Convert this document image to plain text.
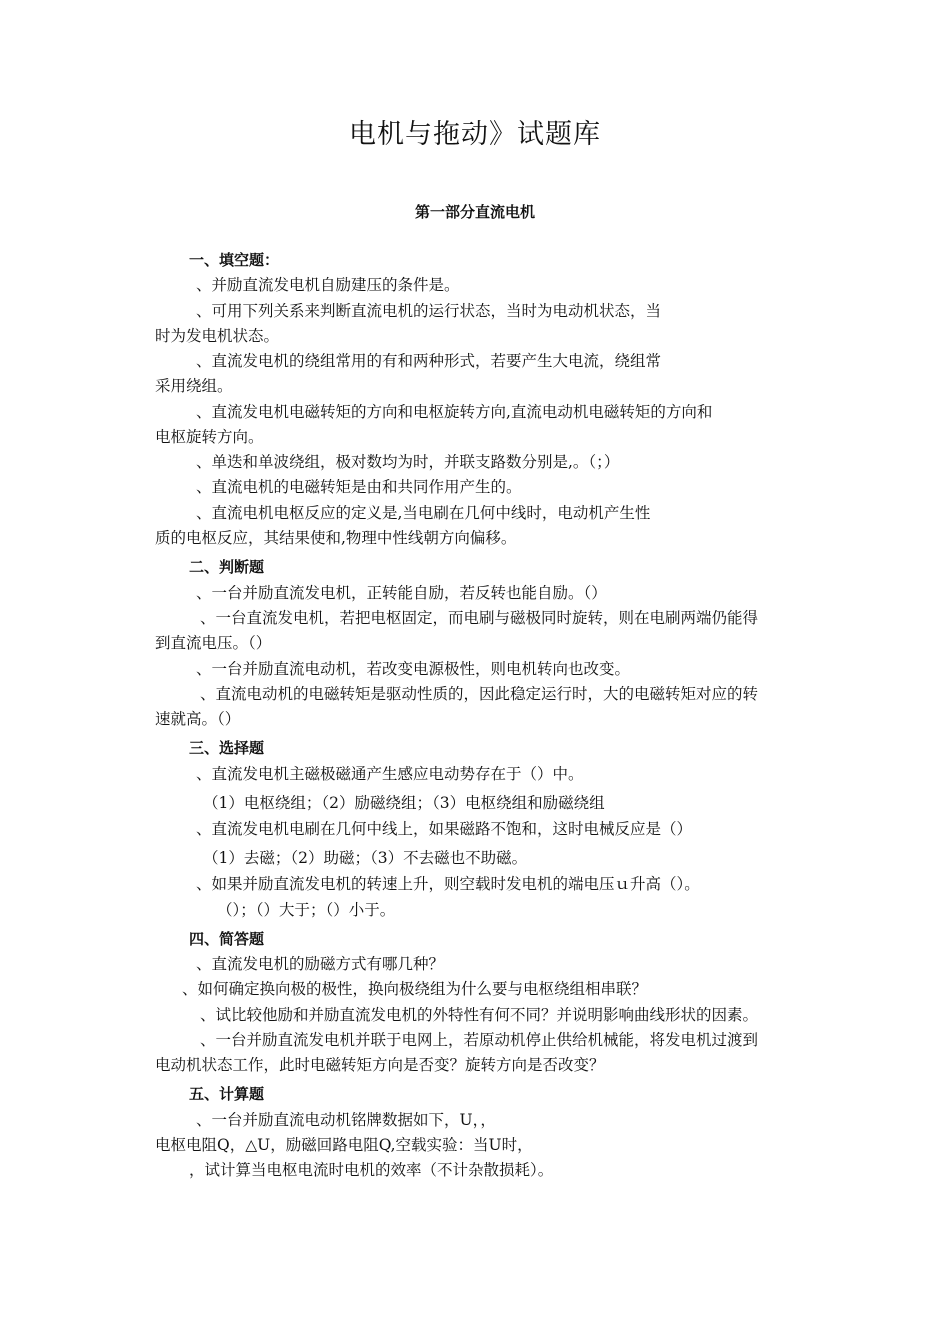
电机与拖动》试题库
第一部分直流电机
一、填空题：
、并励直流发电机自励建压的条件是。
、可用下列关系来判断直流电机的运行状态，当时为电动机状态，当
时为发电机状态。
、直流发电机的绕组常用的有和两种形式，若要产生大电流，绕组常
采用绕组。
、直流发电机电磁转矩的方向和电枢旋转方向,直流电动机电磁转矩的方向和
电枢旋转方向。
、单迭和单波绕组，极对数均为时，并联支路数分别是,。（；）
、直流电机的电磁转矩是由和共同作用产生的。
、直流电机电枢反应的定义是,当电刷在几何中线时，电动机产生性
质的电枢反应，其结果使和,物理中性线朝方向偏移。
二、判断题
、一台并励直流发电机，正转能自励，若反转也能自励。（）
、一台直流发电机，若把电枢固定，而电刷与磁极同时旋转，则在电刷两端仍能得
到直流电压。（）
、一台并励直流电动机，若改变电源极性，则电机转向也改变。
、直流电动机的电磁转矩是驱动性质的，因此稳定运行时，大的电磁转矩对应的转
速就高。（）
三、选择题
、直流发电机主磁极磁通产生感应电动势存在于（）中。
（1）电枢绕组；（2）励磁绕组；（3）电枢绕组和励磁绕组
、直流发电机电刷在几何中线上，如果磁路不饱和，这时电械反应是（）
（1）去磁；（2）助磁；（3）不去磁也不助磁。
、如果并励直流发电机的转速上升，则空载时发电机的端电压ｕ升高（）。
（）；（）大于；（）小于。
四、简答题
、直流发电机的励磁方式有哪几种？
、如何确定换向极的极性，换向极绕组为什么要与电枢绕组相串联？
、试比较他励和并励直流发电机的外特性有何不同？并说明影响曲线形状的因素。
、一台并励直流发电机并联于电网上，若原动机停止供给机械能，将发电机过渡到
电动机状态工作，此时电磁转矩方向是否变？旋转方向是否改变？
五、计算题
、一台并励直流电动机铭牌数据如下，U，，
电枢电阻Q，△U，励磁回路电阻Q,空载实验：当U时，
，试计算当电枢电流时电机的效率（不计杂散损耗）。
